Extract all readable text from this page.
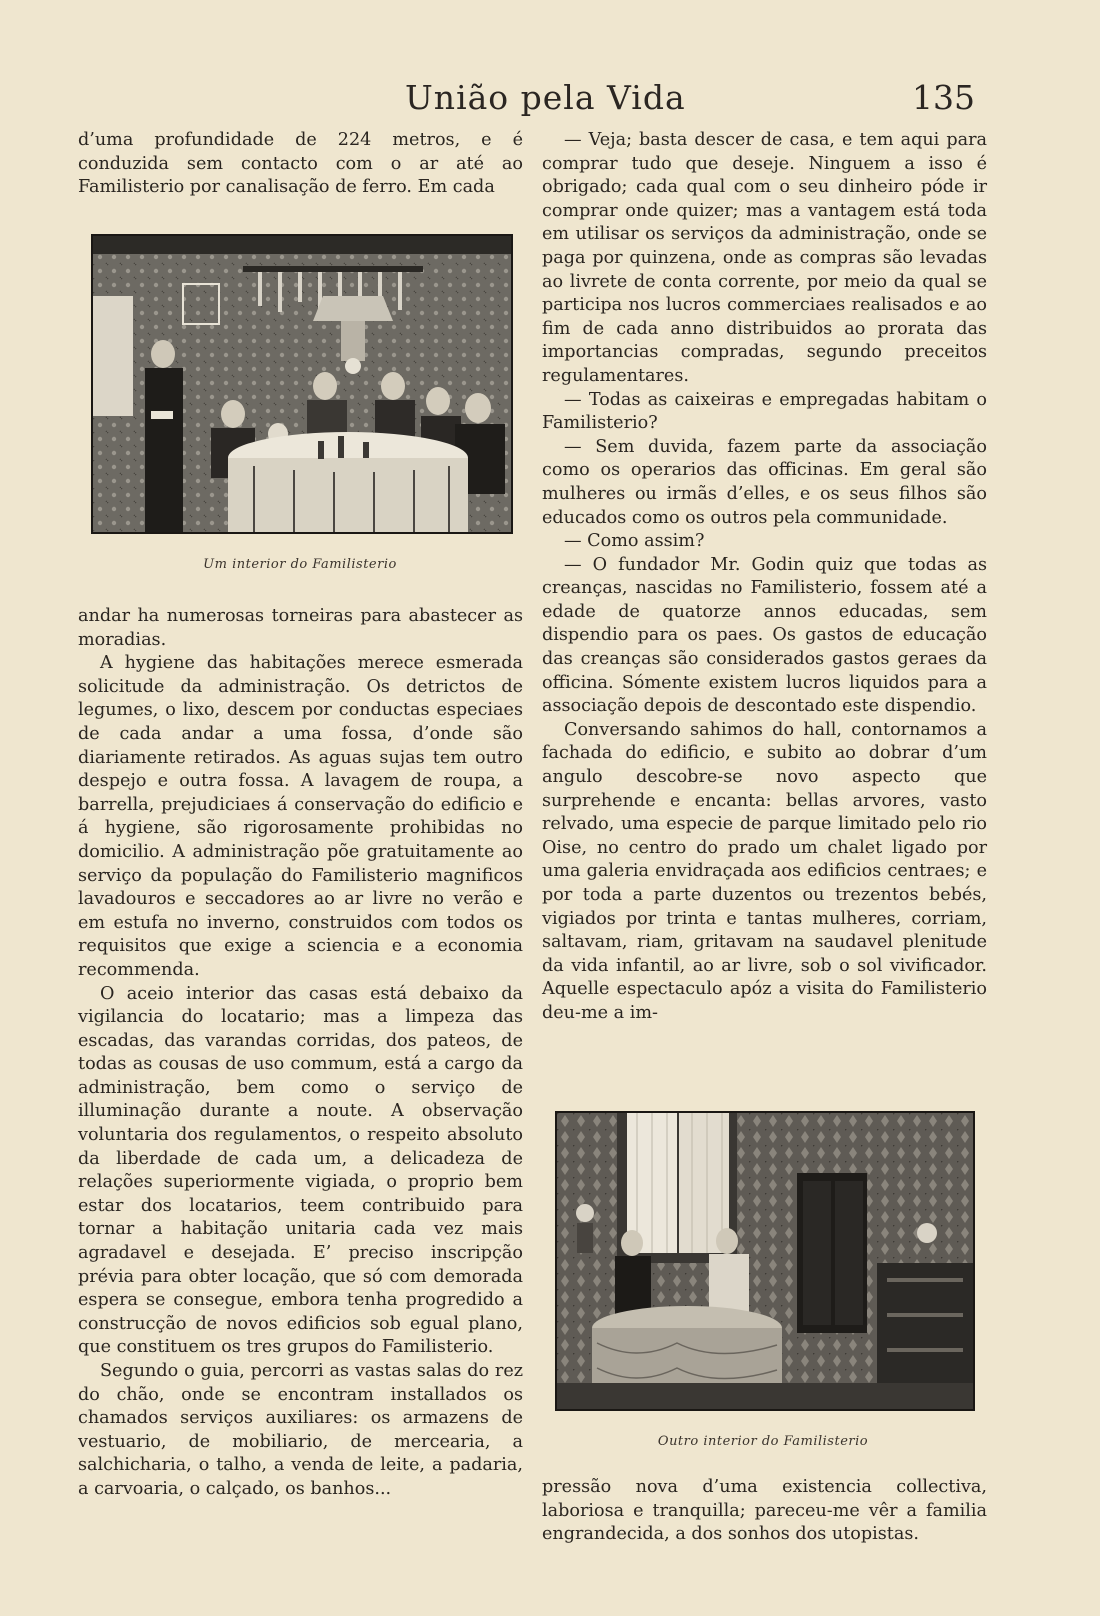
União pela Vida	135

d’uma profundidade de 224 metros, e é conduzida sem contacto com o ar até ao Familisterio por canalisação de ferro. Em cada

Um interior do Familisterio

andar ha numerosas torneiras para abastecer as moradias.

A hygiene das habitações merece esmerada solicitude da administração. Os detrictos de legumes, o lixo, descem por conductas especiaes de cada andar a uma fossa, d’onde são diariamente retirados. As aguas sujas tem outro despejo e outra fossa. A lavagem de roupa, a barrella, prejudiciaes á conservação do edificio e á hygiene, são rigorosamente prohibidas no domicilio. A administração põe gratuitamente ao serviço da população do Familisterio magnificos lavadouros e seccadores ao ar livre no verão e em estufa no inverno, construidos com todos os requisitos que exige a sciencia e a economia recommenda.

O aceio interior das casas está debaixo da vigilancia do locatario; mas a limpeza das escadas, das varandas corridas, dos pateos, de todas as cousas de uso commum, está a cargo da administração, bem como o serviço de illuminação durante a noute. A observação voluntaria dos regulamentos, o respeito absoluto da liberdade de cada um, a delicadeza de relações superiormente vigiada, o proprio bem estar dos locatarios, teem contribuido para tornar a habitação unitaria cada vez mais agradavel e desejada. E’ preciso inscripção prévia para obter locação, que só com demorada espera se consegue, embora tenha progredido a construcção de novos edificios sob egual plano, que constituem os tres grupos do Familisterio.

Segundo o guia, percorri as vastas salas do rez do chão, onde se encontram installados os chamados serviços auxiliares: os armazens de vestuario, de mobiliario, de mercearia, a salchicharia, o talho, a venda de leite, a padaria, a carvoaria, o calçado, os banhos...

— Veja; basta descer de casa, e tem aqui para comprar tudo que deseje. Ninguem a isso é obrigado; cada qual com o seu dinheiro póde ir comprar onde quizer; mas a vantagem está toda em utilisar os serviços da administração, onde se paga por quinzena, onde as compras são levadas ao livrete de conta corrente, por meio da qual se participa nos lucros commerciaes realisados e ao fim de cada anno distribuidos ao prorata das importancias compradas, segundo preceitos regulamentares.

— Todas as caixeiras e empregadas habitam o Familisterio?

— Sem duvida, fazem parte da associação como os operarios das officinas. Em geral são mulheres ou irmãs d’elles, e os seus filhos são educados como os outros pela communidade.

— Como assim?

— O fundador Mr. Godin quiz que todas as creanças, nascidas no Familisterio, fossem até a edade de quatorze annos educadas, sem dispendio para os paes. Os gastos de educação das creanças são considerados gastos geraes da officina. Sómente existem lucros liquidos para a associação depois de descontado este dispendio.

Conversando sahimos do hall, contornamos a fachada do edificio, e subito ao dobrar d’um angulo descobre-se novo aspecto que surprehende e encanta: bellas arvores, vasto relvado, uma especie de parque limitado pelo rio Oise, no centro do prado um chalet ligado por uma galeria envidraçada aos edificios centraes; e por toda a parte duzentos ou trezentos bebés, vigiados por trinta e tantas mulheres, corriam, saltavam, riam, gritavam na saudavel plenitude da vida infantil, ao ar livre, sob o sol vivificador. Aquelle espectaculo apóz a visita do Familisterio deu-me a im-

Outro interior do Familisterio

pressão nova d’uma existencia collectiva, laboriosa e tranquilla; pareceu-me vêr a familia engrandecida, a dos sonhos dos utopistas.
